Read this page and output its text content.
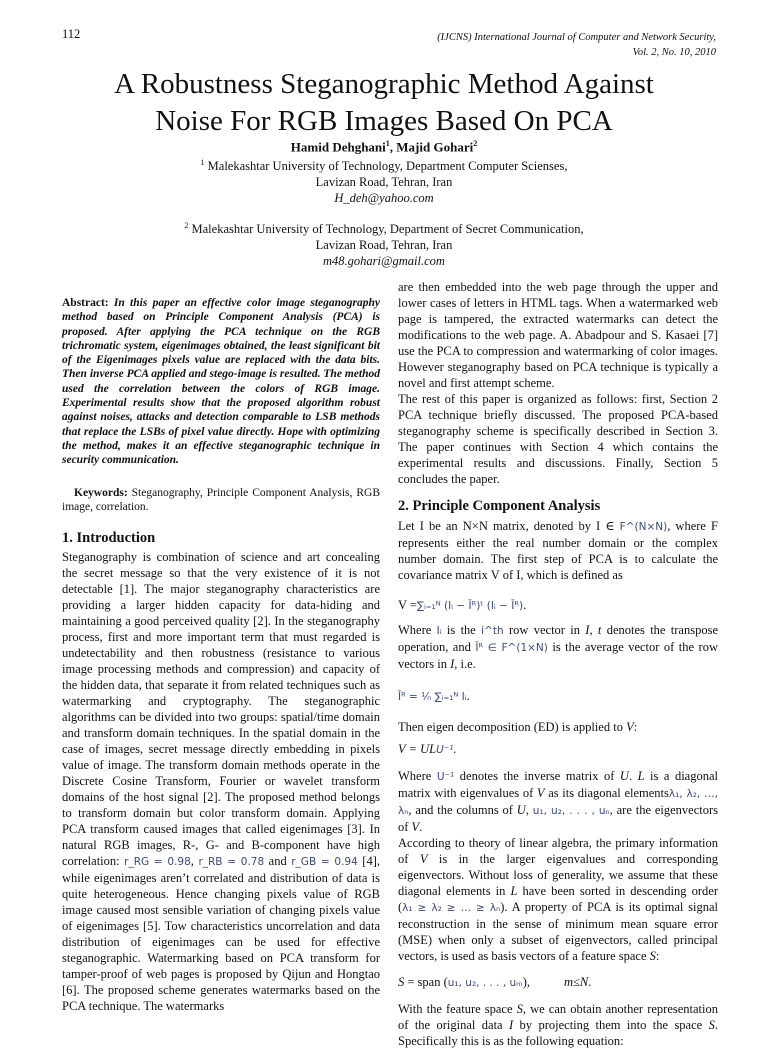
112	(IJCNS) International Journal of Computer and Network Security,
Vol. 2, No. 10, 2010
A Robustness Steganographic Method Against
Noise For RGB Images Based On PCA
Hamid Dehghani$^1$, Majid Gohari$^2$
$^1$ Malekashtar University of Technology, Department Computer Scienses,
Lavizan Road, Tehran, Iran
H_deh@yahoo.com
$^2$ Malekashtar University of Technology, Department of Secret Communication,
Lavizan Road, Tehran, Iran
m48.gohari@gmail.com
Abstract: In this paper an effective color image steganography method based on Principle Component Analysis (PCA) is proposed. After applying the PCA technique on the RGB trichromatic system, eigenimages obtained, the least significant bit of the Eigenimages pixels value are replaced with the data bits. Then inverse PCA applied and stego-image is resulted. The method used the correlation between the colors of RGB image. Experimental results show that the proposed algorithm robust against noises, attacks and detection comparable to LSB methods that replace the LSBs of pixel value directly. Hope with optimizing the method, makes it an effective steganographic technique in security communication.
Keywords: Steganography, Principle Component Analysis, RGB image, correlation.
1. Introduction

Steganography is combination of science and art concealing the secret message so that the very existence of it is not detectable [1]. The major steganography characteristics are providing a larger hidden capacity for data-hiding and maintaining a good perceived quality [2]. In the steganography process, first and more important term that must regarded is undetectability and then robustness (resistance to various image processing methods and compression) and capacity of the hidden data, that separate it from related techniques such as watermarking and cryptography. The steganographic algorithms can be divided into two groups: spatial/time domain and transform domain techniques. In the spatial domain in the case of images, secret message directly embedding in pixels value of image. The transform domain methods operate in the Discrete Cosine Transform, Fourier or wavelet transform domains of the host signal [2]. The proposed method belongs to transform domain but color transform domain. Applying PCA transform caused images that called eigenimages [3]. In natural RGB images, R-, G- and B-component have high correlation: r_RG = 0.98, r_RB = 0.78 and r_GB = 0.94 [4], while eigenimages aren’t correlated and distribution of data is quite heterogeneous. Hence changing pixels value of RGB image caused most sensible variation of changing pixels value of eigenimages [5]. Tow characteristics uncorrelation and data distribution of eigenimages can be used for effective steganographic. Watermarking based on PCA transform for tamper-proof of web pages is proposed by Qijun and Hongtao [6]. The proposed scheme generates watermarks based on the PCA technique. The watermarks

are then embedded into the web page through the upper and lower cases of letters in HTML tags. When a watermarked web page is tampered, the extracted watermarks can detect the modifications to the web page. A. Abadpour and S. Kasaei [7] use the PCA to compression and watermarking of color images. However steganography based on PCA technique is typically a novel and first attempt scheme.

The rest of this paper is organized as follows: first, Section 2 PCA technique briefly discussed. The proposed PCA-based steganography scheme is specifically described in Section 3. The paper continues with Section 4 which contains the experimental results and discussions. Finally, Section 5 concludes the paper.

2. Principle Component Analysis

Let I be an N×N matrix, denoted by I ∈ F^(N×N), where F represents either the real number domain or the complex number domain. The first step of PCA is to calculate the covariance matrix V of I, which is defined as

V =∑ᵢ₌₁ᴺ (Iᵢ − Īᴿ)ᵗ (Iᵢ − Īᴿ).

Where Iᵢ is the i^th row vector in I, t denotes the transpose operation, and Īᴿ ∈ F^(1×N) is the average vector of the row vectors in I, i.e.

Īᴿ = ¹⁄ₙ ∑ᵢ₌₁ᴺ Iᵢ.

Then eigen decomposition (ED) is applied to V:

V = ULU⁻¹.

Where U⁻¹ denotes the inverse matrix of U. L is a diagonal matrix with eigenvalues of V as its diagonal elementsλ₁, λ₂, …, λₙ, and the columns of U, u₁, u₂, . . . , uₙ, are the eigenvectors of V.

According to theory of linear algebra, the primary information of V is in the larger eigenvalues and corresponding eigenvectors. Without loss of generality, we assume that these diagonal elements in L have been sorted in descending order (λ₁ ≥ λ₂ ≥ … ≥ λₙ). A property of PCA is its optimal signal reconstruction in the sense of minimum mean square error (MSE) when only a subset of eigenvectors, called principal vectors, is used as basis vectors of a feature space S:

S = span (u₁, u₂, . . . , uₘ),	m≤N.

With the feature space S, we can obtain another representation of the original data I by projecting them into the space S. Specifically this is as the following equation:
